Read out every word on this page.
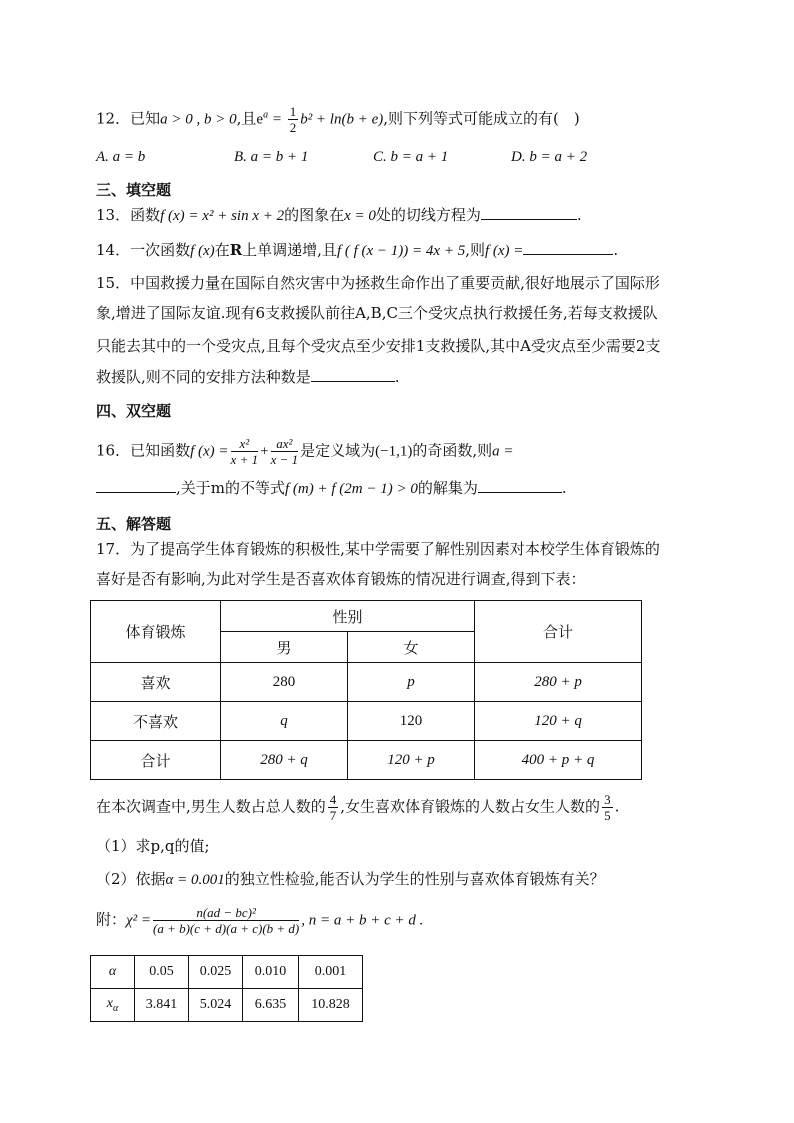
12．已知a > 0 , b > 0,且$e^a = \frac{1}{2} b^2 + \ln(b + e)$,则下列等式可能成立的有(　)
A. a = b	B. a = b + 1	C. b = a + 1	D. b = a + 2
三、填空题
13．函数f (x) = x² + sin x + 2的图象在x = 0处的切线方程为	.
14．一次函数f (x)在R上单调递增,且f ( f (x − 1)) = 4x + 5,则f (x) =	.
15．中国救援力量在国际自然灾害中为拯救生命作出了重要贡献,很好地展示了国际形
象,增进了国际友谊.现有6支救援队前往A,B,C三个受灾点执行救援任务,若每支救援队
只能去其中的一个受灾点,且每个受灾点至少安排1支救援队,其中A受灾点至少需要2支
救援队,则不同的安排方法种数是	.
四、双空题
16．已知函数f $(x) = \frac{\text{x²}}{x + 1} + \frac{\text{ax²}}{x - 1}$ 是定义域为(−1,1)的奇函数,则a =
,关于m的不等式f (m) + f (2m − 1) > 0的解集为	.
五、解答题
17．为了提高学生体育锻炼的积极性,某中学需要了解性别因素对本校学生体育锻炼的
喜好是否有影响,为此对学生是否喜欢体育锻炼的情况进行调查,得到下表：
体育锻炼	性别		合计
	男	女	
喜欢	280	p	280 + p
不喜欢	q	120	120 + q
合计	280 + q	120 + p	400 + p + q
在本次调查中,男生人数占总人数的 $\frac{4}{7}$ ,女生喜欢体育锻炼的人数占女生人数的 $\frac{3}{5}$ .
（1）求p,q的值;
（2）依据α = 0.001的独立性检验,能否认为学生的性别与喜欢体育锻炼有关？
附：$\chi^2 = \frac{\text{n(ad − bc)²}}{(a + b)(c + d)(a + c)(b + d)}$ , n = a + b + c + d .
α	0.05	0.025	0.010	0.001
$x_\alpha$	3.841	5.024	6.635	10.828
